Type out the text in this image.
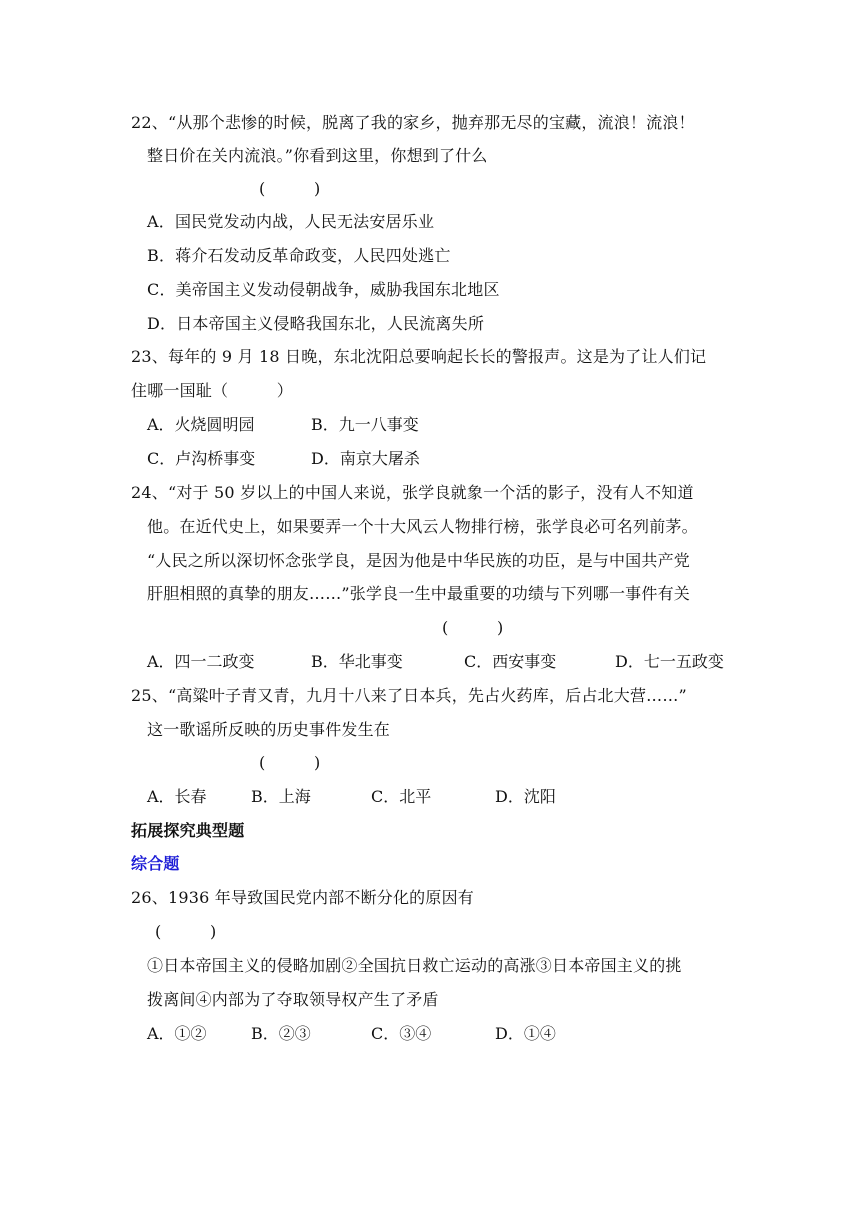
22、“从那个悲惨的时候，脱离了我的家乡，抛弃那无尽的宝藏，流浪！流浪！
整日价在关内流浪。”你看到这里，你想到了什么
(　　　)
A．国民党发动内战，人民无法安居乐业
B．蒋介石发动反革命政变，人民四处逃亡
C．美帝国主义发动侵朝战争，威胁我国东北地区
D．日本帝国主义侵略我国东北，人民流离失所
23、每年的 9 月 18 日晚，东北沈阳总要响起长长的警报声。这是为了让人们记
住哪一国耻（　　　）
A．火烧圆明园	B．九一八事变
C．卢沟桥事变	D．南京大屠杀
24、“对于 50 岁以上的中国人来说，张学良就象一个活的影子，没有人不知道
他。在近代史上，如果要弄一个十大风云人物排行榜，张学良必可名列前茅。
“人民之所以深切怀念张学良，是因为他是中华民族的功臣，是与中国共产党
肝胆相照的真挚的朋友……”张学良一生中最重要的功绩与下列哪一事件有关
(　　　)
A．四一二政变	B．华北事变	C．西安事变	D．七一五政变
25、“高粱叶子青又青，九月十八来了日本兵，先占火药库，后占北大营……”
这一歌谣所反映的历史事件发生在
(　　　)
A．长春	B．上海	C．北平	D．沈阳
拓展探究典型题
综合题
26、1936 年导致国民党内部不断分化的原因有
(　　　)
①日本帝国主义的侵略加剧②全国抗日救亡运动的高涨③日本帝国主义的挑
拨离间④内部为了夺取领导权产生了矛盾
A．①②	B．②③	C．③④	D．①④
